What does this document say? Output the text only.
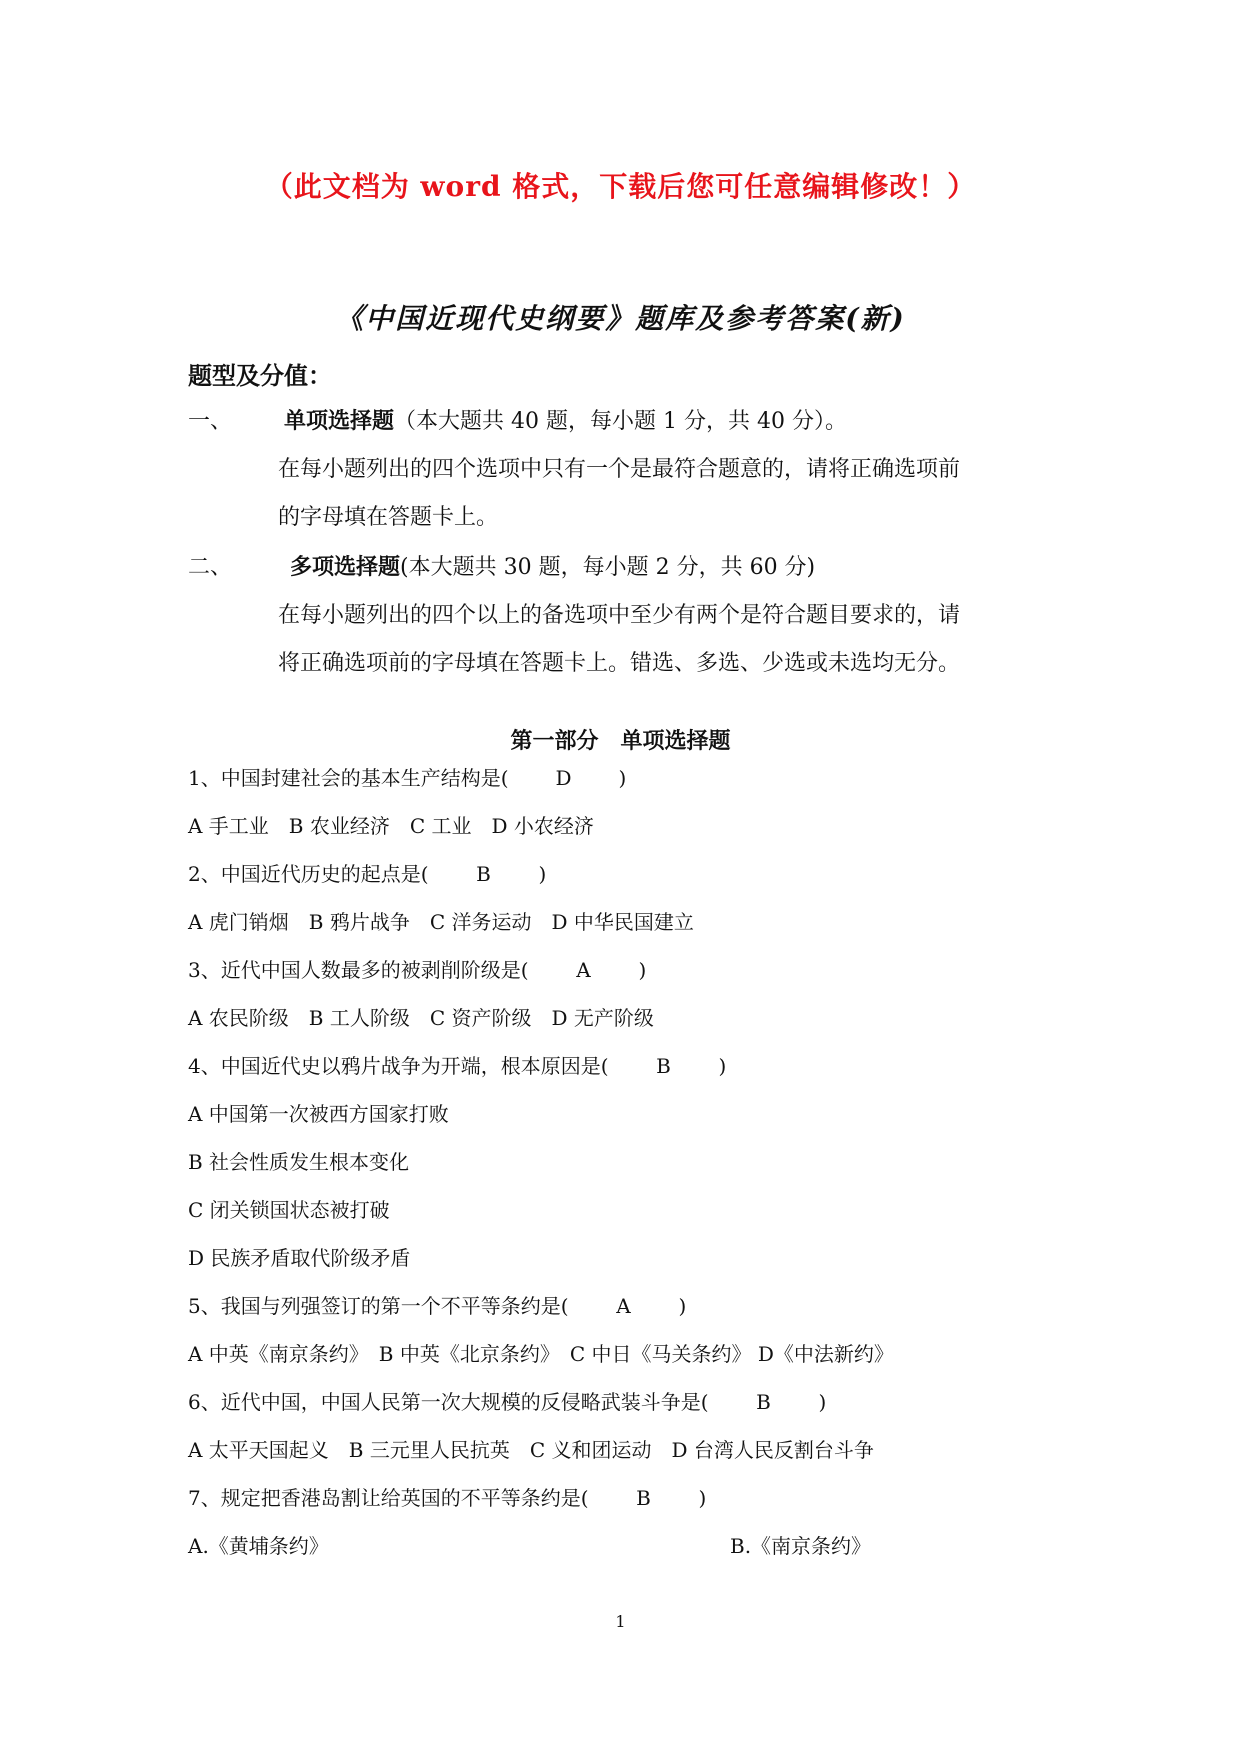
（此文档为 word 格式，下载后您可任意编辑修改！）
《中国近现代史纲要》题库及参考答案(新)
题型及分值：
一、 单项选择题（本大题共 40 题，每小题 1 分，共 40 分）。
在每小题列出的四个选项中只有一个是最符合题意的，请将正确选项前
的字母填在答题卡上。
二、	多项选择题(本大题共 30 题，每小题 2 分，共 60 分)
在每小题列出的四个以上的备选项中至少有两个是符合题目要求的，请
将正确选项前的字母填在答题卡上。错选、多选、少选或未选均无分。
第一部分　单项选择题
1、中国封建社会的基本生产结构是( D )
A 手工业　B 农业经济　C 工业　D 小农经济
2、中国近代历史的起点是( B )
A 虎门销烟　B 鸦片战争　C 洋务运动　D 中华民国建立
3、近代中国人数最多的被剥削阶级是( A )
A 农民阶级　B 工人阶级　C 资产阶级　D 无产阶级
4、中国近代史以鸦片战争为开端，根本原因是( B )
A 中国第一次被西方国家打败
B 社会性质发生根本变化
C 闭关锁国状态被打破
D 民族矛盾取代阶级矛盾
5、我国与列强签订的第一个不平等条约是( A )
A 中英《南京条约》　B 中英《北京条约》　C 中日《马关条约》 D《中法新约》
6、近代中国，中国人民第一次大规模的反侵略武装斗争是( B )
A 太平天国起义　B 三元里人民抗英　C 义和团运动　D 台湾人民反割台斗争
7、规定把香港岛割让给英国的不平等条约是( B )
A.《黄埔条约》	B.《南京条约》
1
